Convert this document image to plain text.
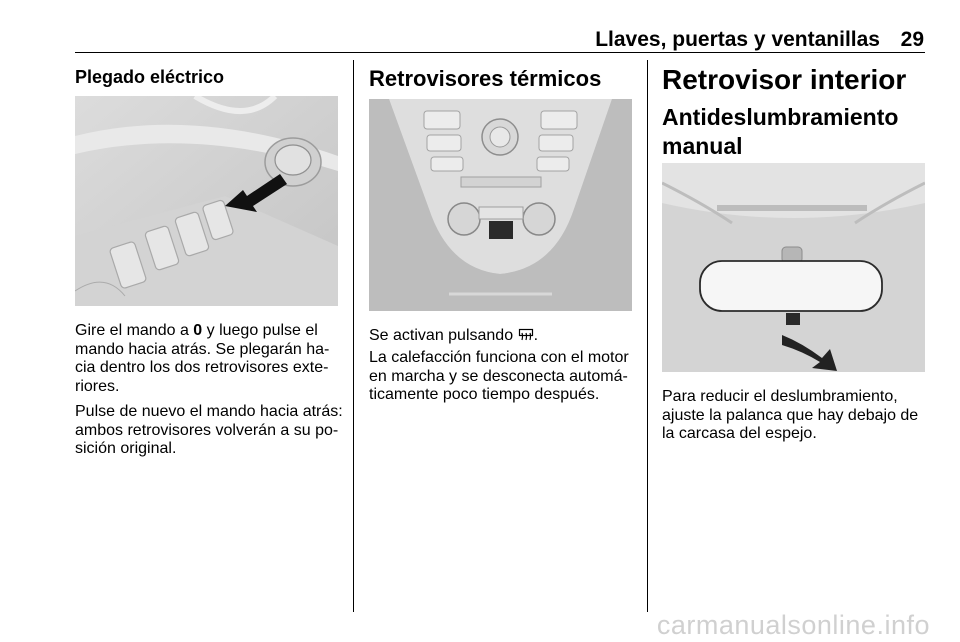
Llaves, puertas y ventanillas 29
Plegado eléctrico

Gire el mando a 0 y luego pulse el mando hacia atrás. Se plegarán ha-cia dentro los dos retrovisores exte-riores.

Pulse de nuevo el mando hacia atrás: ambos retrovisores volverán a su po-sición original.

Retrovisores térmicos

Se activan pulsando .

La calefacción funciona con el motor en marcha y se desconecta automá-ticamente poco tiempo después.

Retrovisor interior
Antideslumbramiento manual

Para reducir el deslumbramiento, ajuste la palanca que hay debajo de la carcasa del espejo.

carmanualsonline.info
